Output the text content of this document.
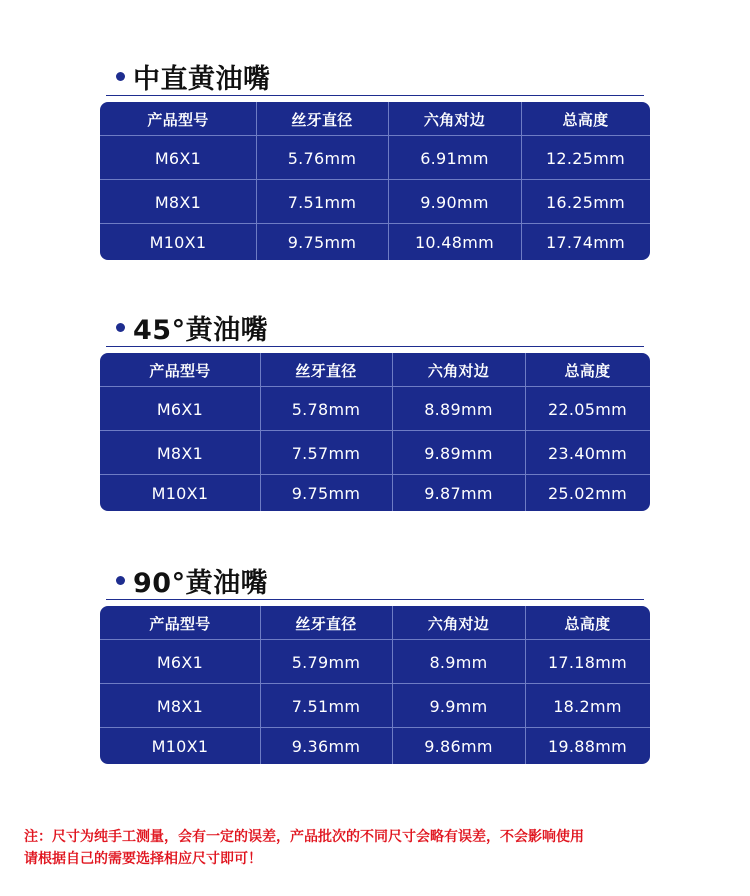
中直黄油嘴
产品型号	丝牙直径	六角对边	总高度
M6X1	5.76mm	6.91mm	12.25mm
M8X1	7.51mm	9.90mm	16.25mm
M10X1	9.75mm	10.48mm	17.74mm
45°黄油嘴
产品型号	丝牙直径	六角对边	总高度
M6X1	5.78mm	8.89mm	22.05mm
M8X1	7.57mm	9.89mm	23.40mm
M10X1	9.75mm	9.87mm	25.02mm
90°黄油嘴
产品型号	丝牙直径	六角对边	总高度
M6X1	5.79mm	8.9mm	17.18mm
M8X1	7.51mm	9.9mm	18.2mm
M10X1	9.36mm	9.86mm	19.88mm
注：尺寸为纯手工测量，会有一定的误差，产品批次的不同尺寸会略有误差，不会影响使用
请根据自己的需要选择相应尺寸即可！
